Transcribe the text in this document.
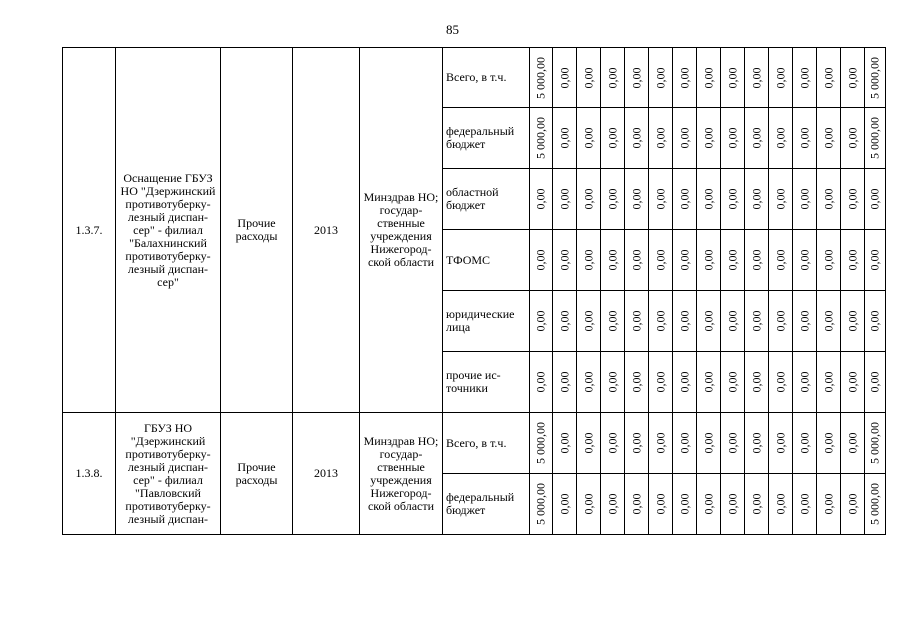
85
1.3.7.	Оснащение ГБУЗ НО "Дзержинский противотуберку-лезный диспан-сер" - филиал "Балахнинский противотуберку-лезный диспан-сер"	Прочие расходы	2013	Минздрав НО; государ-ственные учреждения Нижегород-ской области	Всего, в т.ч.	5 000,00	0,00	0,00	0,00	0,00	0,00	0,00	0,00	0,00	0,00	0,00	0,00	0,00	0,00	5 000,00

					федеральный бюджет	5 000,00	0,00	0,00	0,00	0,00	0,00	0,00	0,00	0,00	0,00	0,00	0,00	0,00	0,00	5 000,00

					областной бюджет	0,00	0,00	0,00	0,00	0,00	0,00	0,00	0,00	0,00	0,00	0,00	0,00	0,00	0,00	0,00

					ТФОМС	0,00	0,00	0,00	0,00	0,00	0,00	0,00	0,00	0,00	0,00	0,00	0,00	0,00	0,00	0,00

					юридические лица	0,00	0,00	0,00	0,00	0,00	0,00	0,00	0,00	0,00	0,00	0,00	0,00	0,00	0,00	0,00

					прочие ис-точники	0,00	0,00	0,00	0,00	0,00	0,00	0,00	0,00	0,00	0,00	0,00	0,00	0,00	0,00	0,00

1.3.8.	ГБУЗ НО "Дзержинский противотуберку-лезный диспан-сер" - филиал "Павловский противотуберку-лезный диспан-	Прочие расходы	2013	Минздрав НО; государ-ственные учреждения Нижегород-ской области	Всего, в т.ч.	5 000,00	0,00	0,00	0,00	0,00	0,00	0,00	0,00	0,00	0,00	0,00	0,00	0,00	0,00	5 000,00

					федеральный бюджет	5 000,00	0,00	0,00	0,00	0,00	0,00	0,00	0,00	0,00	0,00	0,00	0,00	0,00	0,00	5 000,00
